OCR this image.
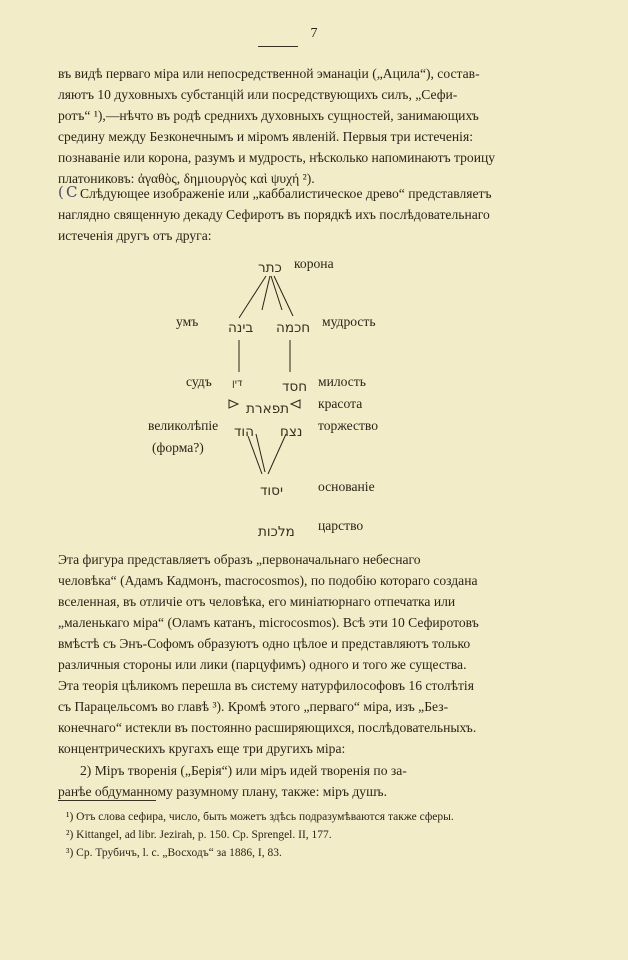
7

въ видѣ первaго міра или непосредственной эманаціи („Ацила“), состав-

ляютъ 10 духовныхъ субстанцій или посредствующихъ силъ, „Сефи-

ротъ“ ¹),—нѣчто въ родѣ среднихъ духовныхъ сущностей, занимающихъ

средину между Безконечнымъ и міромъ явленій. Первыя три истеченія:

познаваніе или корона, разумъ и мудрость, нѣсколько напоминаютъ троицу

платониковъ: ἀγαθὸς, δημιουργὸς καὶ ψυχή ²).

( С Слѣдующее изображеніе или „каббалистическое древо“ представляетъ

наглядно священную декаду Сефиротъ въ порядкѣ ихъ послѣдовательнаго

истеченія другъ отъ друга:

כתר корона
умъ בינה חכמה мудрость
судъ דין	חסד милость
תפארת красота
великолѣпіе
(форма?)
הוד נצח торжество
יסוד	основаніе
מלכות царство

Эта фигура представляетъ образъ „первоначальнаго небеснаго

человѣка“ (Адамъ Кадмонъ, macrocosmos), по подобію котораго создана

вселенная, въ отличіе отъ человѣка, его миніатюрнаго отпечатка или

„маленькаго міра“ (Оламъ катанъ, microcosmos). Всѣ эти 10 Сефиротовъ

вмѣстѣ съ Энъ-Софомъ образуютъ одно цѣлое и представляютъ только

различныя стороны или лики (парцуфимъ) одного и того же существа.

Эта теорія цѣликомъ перешла въ систему натурфилософовъ 16 столѣтія

съ Парацельсомъ во главѣ ³). Кромѣ этого „перваго“ міра, изъ „Без-

конечнаго“ истекли въ постоянно расширяющихся, послѣдовательныхъ.

концентрическихъ кругахъ еще три другихъ міра:

2) Міръ творенія („Берія“) или міръ идей творенія по за-

ранѣе обдуманному разумному плану, также: міръ душъ.

¹) Отъ слова сефира, число, быть можетъ здѣсь подразумѣваются также сферы.
²) Kittangel, ad libr. Jezirah, p. 150. Ср. Sprengel. II, 177.
³) Ср. Трубичъ, l. с. „Восходъ“ за 1886, I, 83.
